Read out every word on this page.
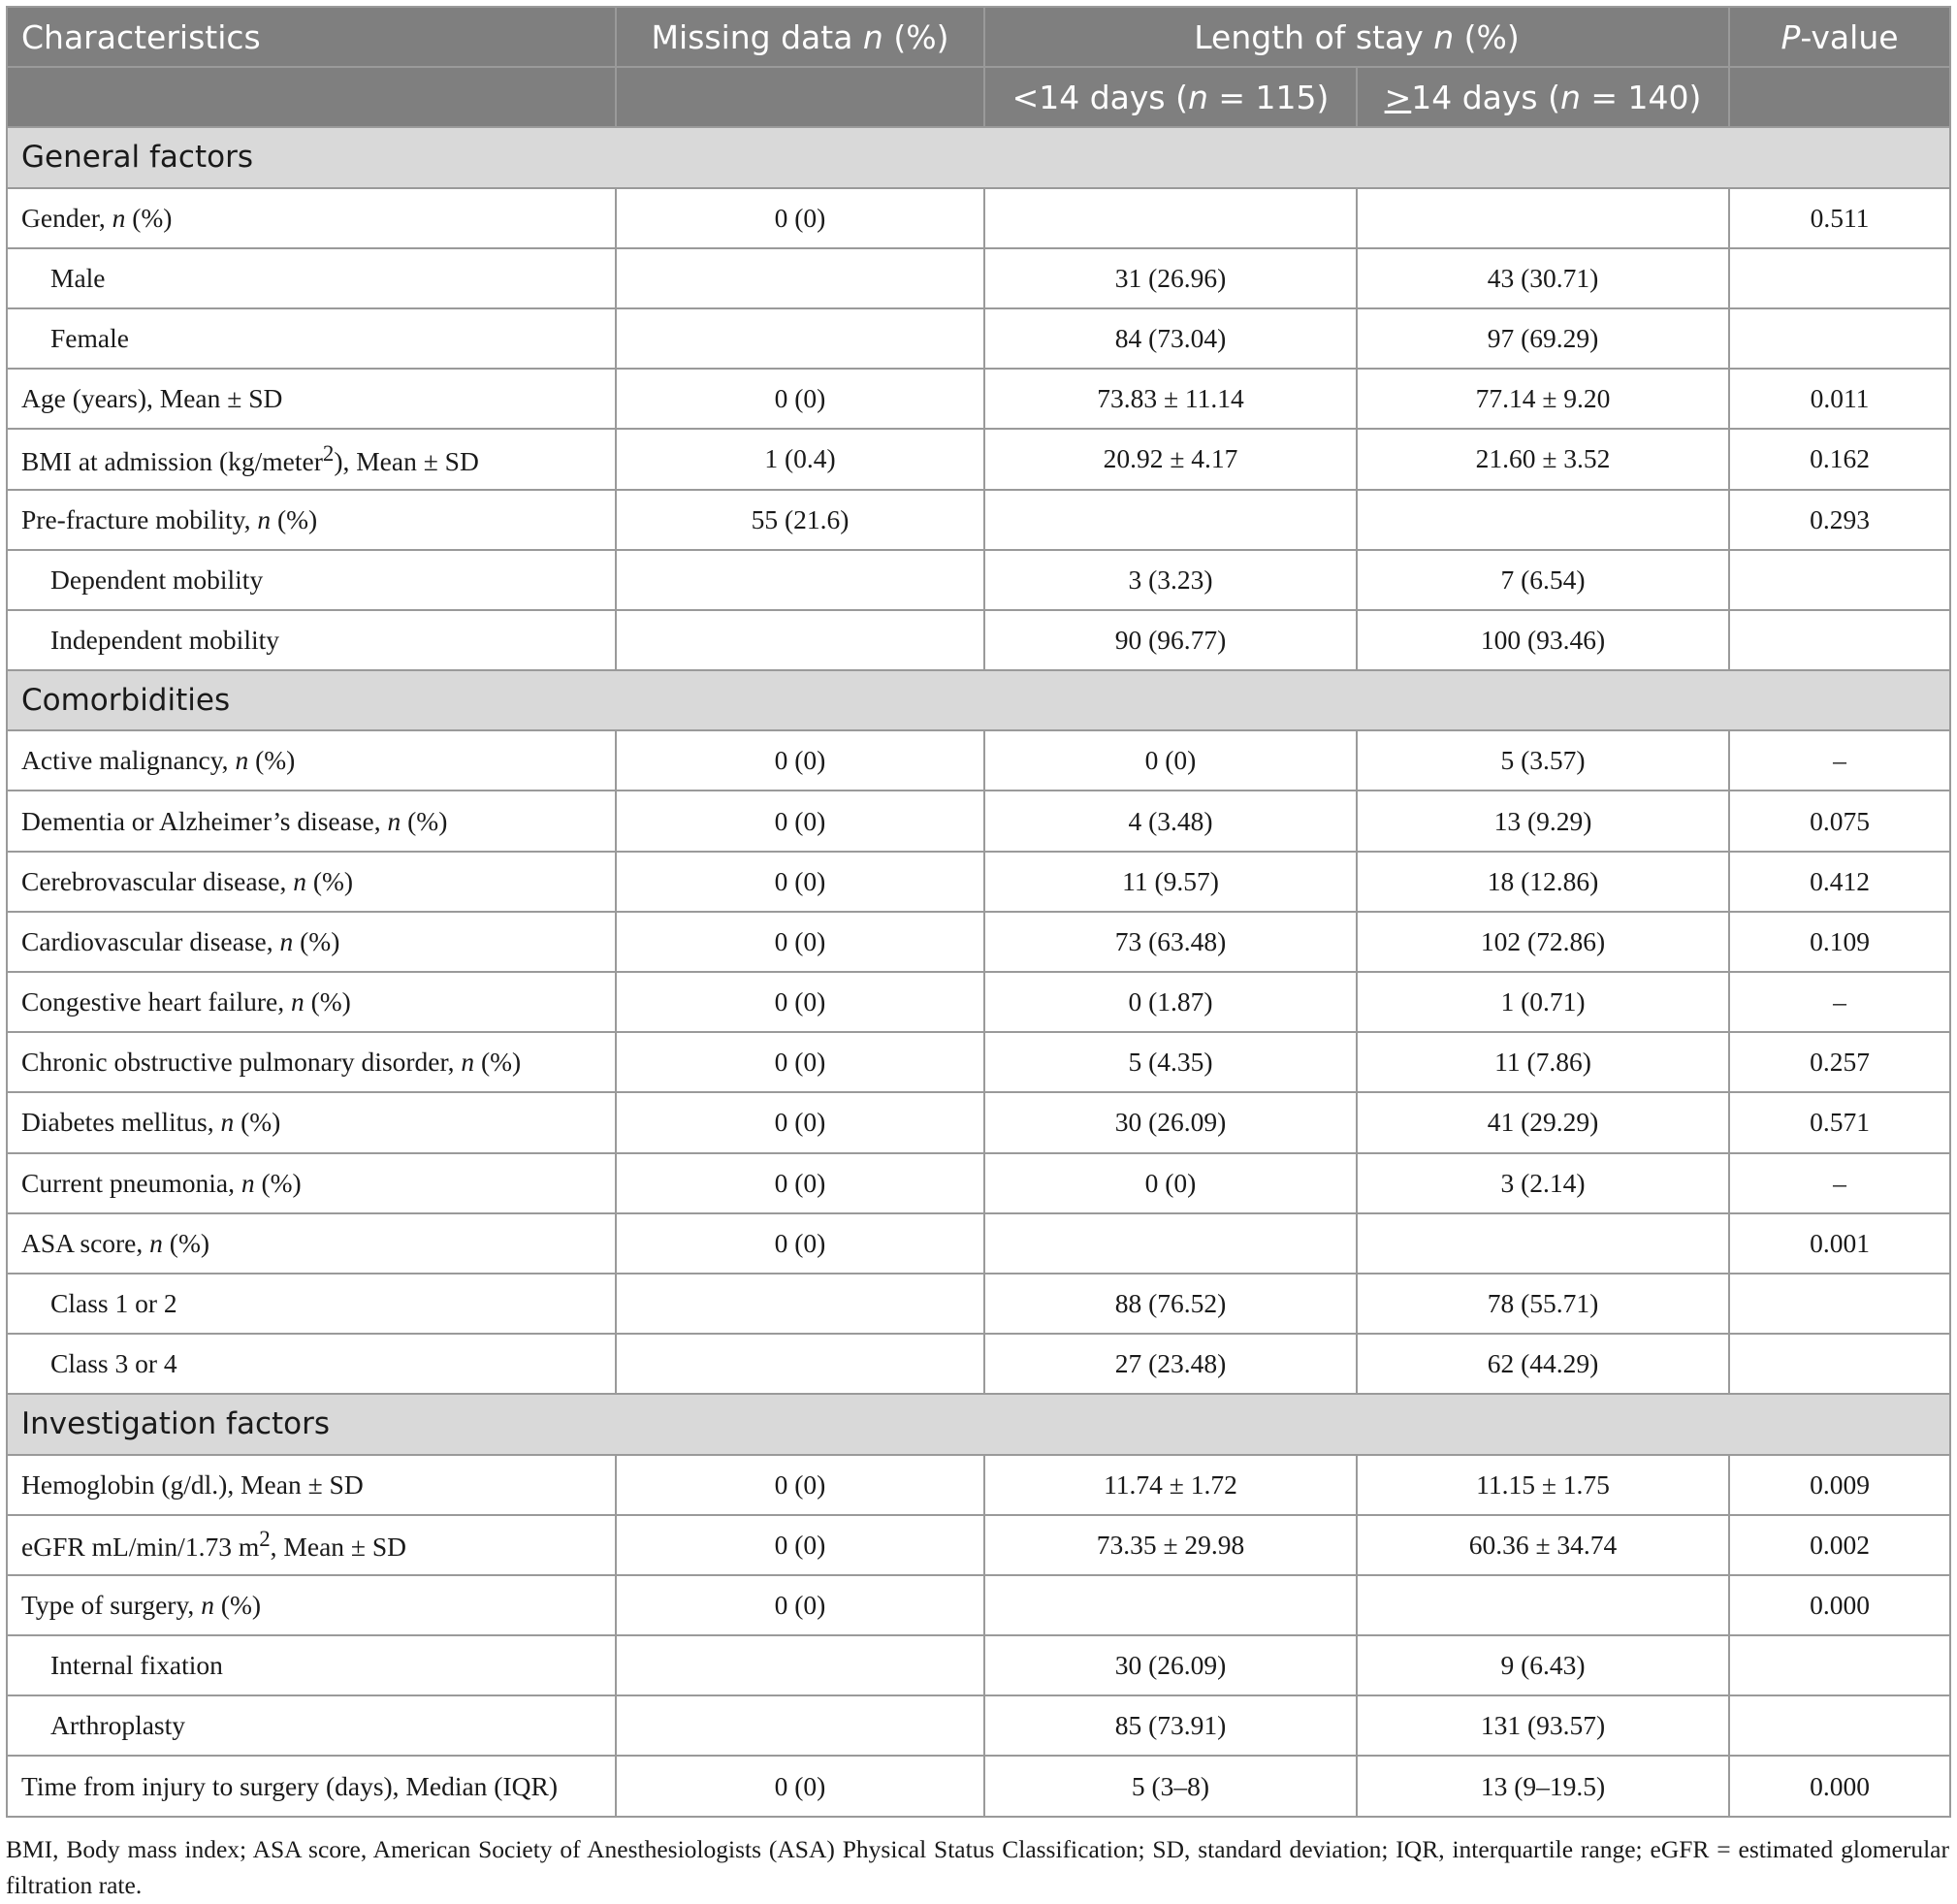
Characteristics	Missing data n (%)	Length of stay n (%)		P-value
		<14 days (n = 115)	>14 days (n = 140)	
General factors				
Gender, n (%)	0 (0)			0.511
Male		31 (26.96)	43 (30.71)	
Female		84 (73.04)	97 (69.29)	
Age (years), Mean ± SD	0 (0)	73.83 ± 11.14	77.14 ± 9.20	0.011
BMI at admission (kg/meter$^2$), Mean ± SD	1 (0.4)	20.92 ± 4.17	21.60 ± 3.52	0.162
Pre-fracture mobility, n (%)	55 (21.6)			0.293
Dependent mobility		3 (3.23)	7 (6.54)	
Independent mobility		90 (96.77)	100 (93.46)	
Comorbidities				
Active malignancy, n (%)	0 (0)	0 (0)	5 (3.57)	–
Dementia or Alzheimer’s disease, n (%)	0 (0)	4 (3.48)	13 (9.29)	0.075
Cerebrovascular disease, n (%)	0 (0)	11 (9.57)	18 (12.86)	0.412
Cardiovascular disease, n (%)	0 (0)	73 (63.48)	102 (72.86)	0.109
Congestive heart failure, n (%)	0 (0)	0 (1.87)	1 (0.71)	–
Chronic obstructive pulmonary disorder, n (%)	0 (0)	5 (4.35)	11 (7.86)	0.257
Diabetes mellitus, n (%)	0 (0)	30 (26.09)	41 (29.29)	0.571
Current pneumonia, n (%)	0 (0)	0 (0)	3 (2.14)	–
ASA score, n (%)	0 (0)			0.001
Class 1 or 2		88 (76.52)	78 (55.71)	
Class 3 or 4		27 (23.48)	62 (44.29)	
Investigation factors				
Hemoglobin (g/dl.), Mean ± SD	0 (0)	11.74 ± 1.72	11.15 ± 1.75	0.009
eGFR mL/min/1.73 $m^2$, Mean ± SD	0 (0)	73.35 ± 29.98	60.36 ± 34.74	0.002
Type of surgery, n (%)	0 (0)			0.000
Internal fixation		30 (26.09)	9 (6.43)	
Arthroplasty		85 (73.91)	131 (93.57)	
Time from injury to surgery (days), Median (IQR)	0 (0)	5 (3–8)	13 (9–19.5)	0.000
BMI, Body mass index; ASA score, American Society of Anesthesiologists (ASA) Physical Status Classification; SD, standard deviation; IQR, interquartile range; eGFR = estimated glomerular filtration rate.
